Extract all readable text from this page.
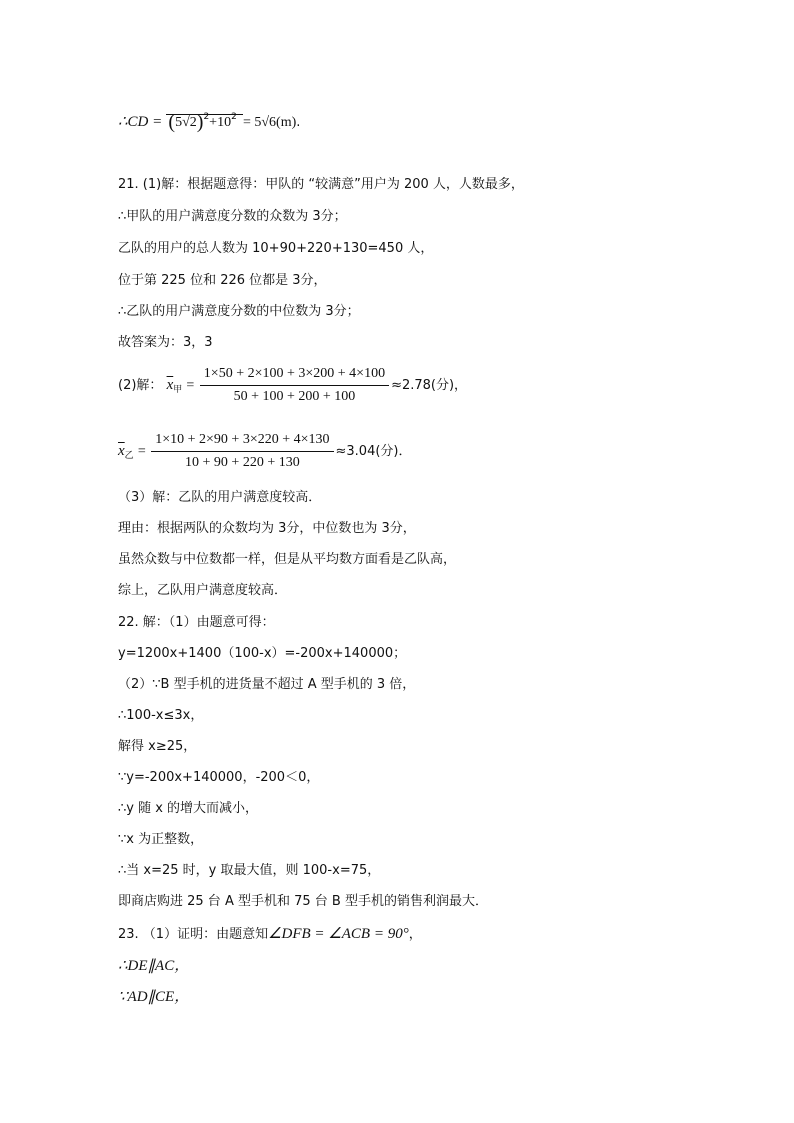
∴CD = $(5√2)^2+10^2 = 5√6(m)$.
21. (1)解：根据题意得：甲队的 “较满意”用户为 200 人，人数最多，
∴甲队的用户满意度分数的众数为 3分；
乙队的用户的总人数为 10+90+220+130=450 人，
位于第 225 位和 226 位都是 3分，
∴乙队的用户满意度分数的中位数为 3分；
故答案为：3，3
(2)解： $\overline{x}_甲 = \frac{1\times 50 + 2\times 100 + 3\times 200 + 4\times 100}{50 + 100 + 200 + 100} \approx 2.78$(分)，
$\overline{x}_乙 = \frac{1\times 10 + 2\times 90 + 3\times 220 + 4\times 130}{10 + 90 + 220 + 130} \approx 3.04$(分)．
（3）解：乙队的用户满意度较高．
理由：根据两队的众数均为 3分，中位数也为 3分，
虽然众数与中位数都一样，但是从平均数方面看是乙队高，
综上，乙队用户满意度较高．
22. 解：（1）由题意可得：
y=1200x+1400（100-x）=-200x+140000；
（2）∵B 型手机的进货量不超过 A 型手机的 3 倍，
∴100-x≤3x，
解得 x≥25，
∵y=-200x+140000，-200＜0，
∴y 随 x 的增大而减小，
∵x 为正整数，
∴当 x=25 时，y 取最大值，则 100-x=75，
即商店购进 25 台 A 型手机和 75 台 B 型手机的销售利润最大．
23. （1）证明：由题意知∠DFB = ∠ACB = 90°，
∴DE∥AC，
∵AD∥CE，
